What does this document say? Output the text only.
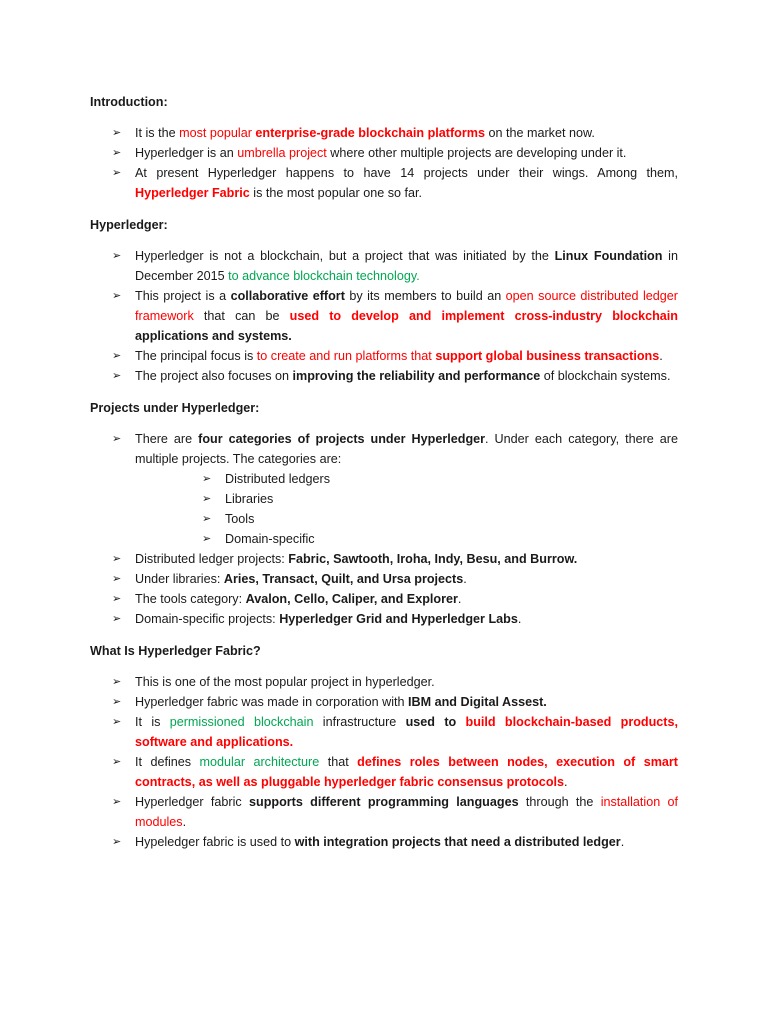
Introduction:
➢ It is the most popular enterprise-grade blockchain platforms on the market now.
➢ Hyperledger is an umbrella project where other multiple projects are developing under it.
➢ At present Hyperledger happens to have 14 projects under their wings. Among them, Hyperledger Fabric is the most popular one so far.
Hyperledger:
➢ Hyperledger is not a blockchain, but a project that was initiated by the Linux Foundation in December 2015 to advance blockchain technology.
➢ This project is a collaborative effort by its members to build an open source distributed ledger framework that can be used to develop and implement cross-industry blockchain applications and systems.
➢ The principal focus is to create and run platforms that support global business transactions.
➢ The project also focuses on improving the reliability and performance of blockchain systems.
Projects under Hyperledger:
➢ There are four categories of projects under Hyperledger. Under each category, there are multiple projects. The categories are:
➢ Distributed ledgers
➢ Libraries
➢ Tools
➢ Domain-specific
➢ Distributed ledger projects: Fabric, Sawtooth, Iroha, Indy, Besu, and Burrow.
➢ Under libraries: Aries, Transact, Quilt, and Ursa projects.
➢ The tools category: Avalon, Cello, Caliper, and Explorer.
➢ Domain-specific projects: Hyperledger Grid and Hyperledger Labs.
What Is Hyperledger Fabric?
➢ This is one of the most popular project in hyperledger.
➢ Hyperledger fabric was made in corporation with IBM and Digital Assest.
➢ It is permissioned blockchain infrastructure used to build blockchain-based products, software and applications.
➢ It defines modular architecture that defines roles between nodes, execution of smart contracts, as well as pluggable hyperledger fabric consensus protocols.
➢ Hyperledger fabric supports different programming languages through the installation of modules.
➢ Hypeledger fabric is used to with integration projects that need a distributed ledger.
